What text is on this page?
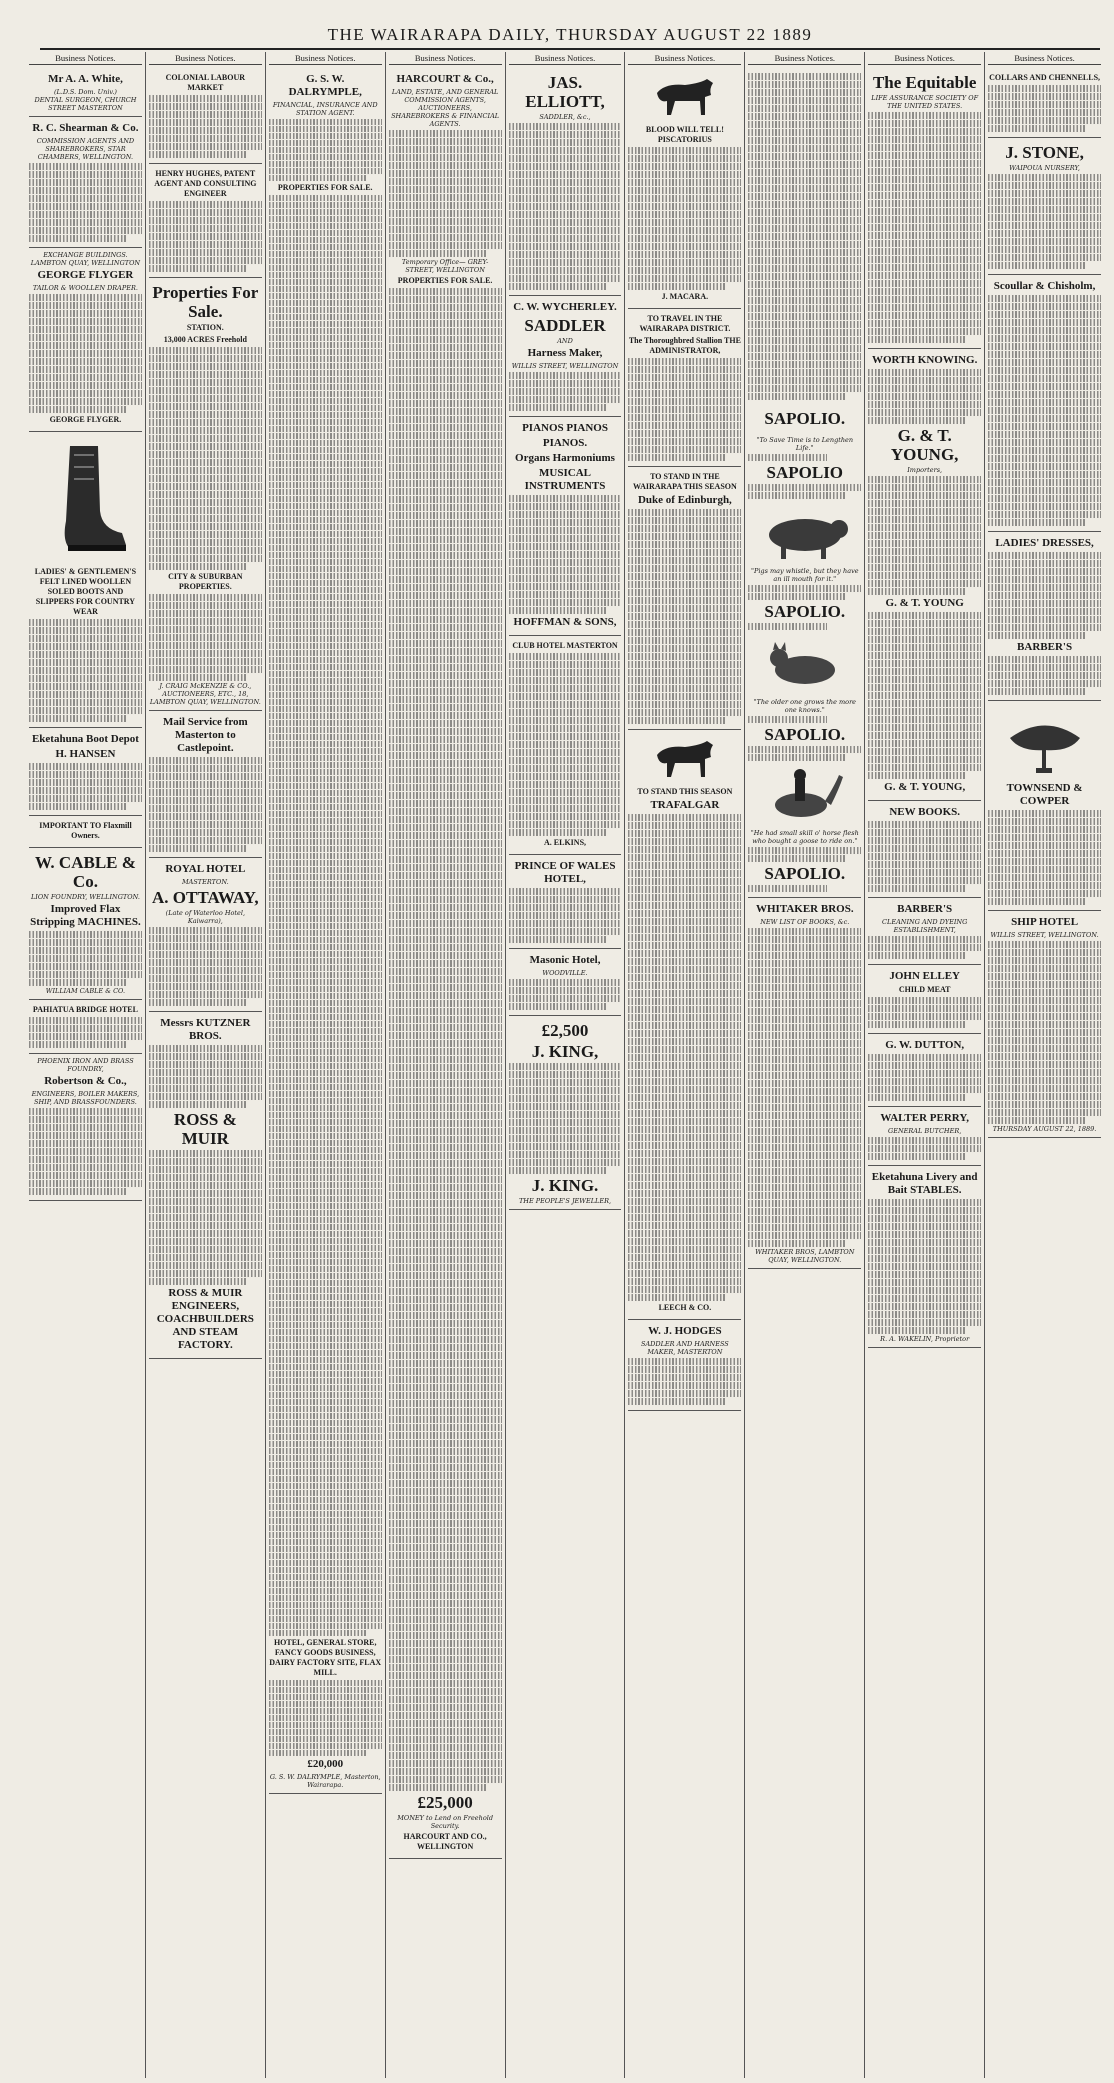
THE WAIRARAPA DAILY, THURSDAY AUGUST 22 1889
Business Notices.
Mr A. A. White,
(L.D.S. Dom. Univ.)
DENTAL SURGEON, CHURCH STREET MASTERTON
R. C. Shearman & Co.
COMMISSION AGENTS AND SHAREBROKERS, STAR CHAMBERS, WELLINGTON.
EXCHANGE BUILDINGS. LAMBTON QUAY, WELLINGTON
GEORGE FLYGER
TAILOR & WOOLLEN DRAPER.
GEORGE FLYGER.
LADIES' & GENTLEMEN'S FELT LINED WOOLLEN SOLED BOOTS AND SLIPPERS FOR COUNTRY WEAR
Eketahuna Boot Depot
H. HANSEN
IMPORTANT TO Flaxmill Owners.
W. CABLE & Co.
LION FOUNDRY, WELLINGTON.
Improved Flax Stripping MACHINES.
WILLIAM CABLE & CO.
PAHIATUA BRIDGE HOTEL
PHOENIX IRON AND BRASS FOUNDRY,
Robertson & Co.,
ENGINEERS, BOILER MAKERS, SHIP, AND BRASSFOUNDERS.
Business Notices.
COLONIAL LABOUR MARKET
HENRY HUGHES, PATENT AGENT AND CONSULTING ENGINEER
Properties For Sale.
STATION.
13,000 ACRES Freehold
CITY & SUBURBAN PROPERTIES.
J. CRAIG McKENZIE & CO., AUCTIONEERS, ETC., 18, LAMBTON QUAY, WELLINGTON.
Mail Service from Masterton to Castlepoint.
ROYAL HOTEL
MASTERTON.
A. OTTAWAY,
(Late of Waterloo Hotel, Kaiwarra),
Messrs KUTZNER BROS.
ROSS & MUIR
ROSS & MUIR ENGINEERS, COACHBUILDERS AND STEAM FACTORY.
Business Notices.
G. S. W. DALRYMPLE,
FINANCIAL, INSURANCE AND STATION AGENT.
PROPERTIES FOR SALE.
HOTEL, GENERAL STORE, FANCY GOODS BUSINESS, DAIRY FACTORY SITE, FLAX MILL.
£20,000
G. S. W. DALRYMPLE, Masterton, Wairarapa.
Business Notices.
HARCOURT & Co.,
LAND, ESTATE, AND GENERAL COMMISSION AGENTS, AUCTIONEERS, SHAREBROKERS & FINANCIAL AGENTS.
Temporary Office— GREY-STREET, WELLINGTON
PROPERTIES FOR SALE.
£25,000
MONEY to Lend on Freehold Security.
HARCOURT AND CO., WELLINGTON
Business Notices.
JAS. ELLIOTT,
SADDLER, &c.,
C. W. WYCHERLEY.
SADDLER
AND
Harness Maker,
WILLIS STREET, WELLINGTON
PIANOS PIANOS
PIANOS.
Organs Harmoniums
MUSICAL INSTRUMENTS
HOFFMAN & SONS,
CLUB HOTEL MASTERTON
A. ELKINS,
PRINCE OF WALES HOTEL,
Masonic Hotel,
WOODVILLE.
£2,500
J. KING,
J. KING.
THE PEOPLE'S JEWELLER,
Business Notices.
BLOOD WILL TELL! PISCATORIUS
J. MACARA.
TO TRAVEL IN THE WAIRARAPA DISTRICT.
The Thoroughbred Stallion THE ADMINISTRATOR,
TO STAND IN THE WAIRARAPA THIS SEASON
Duke of Edinburgh,
TO STAND THIS SEASON
TRAFALGAR
LEECH & CO.
W. J. HODGES
SADDLER AND HARNESS MAKER, MASTERTON
Business Notices.
SAPOLIO.
"To Save Time is to Lengthen Life."
SAPOLIO
"Pigs may whistle, but they have an ill mouth for it."
SAPOLIO.
"The older one grows the more one knows."
SAPOLIO.
"He had small skill o' horse flesh who bought a goose to ride on."
SAPOLIO.
WHITAKER BROS.
NEW LIST OF BOOKS, &c.
WHITAKER BROS, LAMBTON QUAY, WELLINGTON.
Business Notices.
The Equitable
LIFE ASSURANCE SOCIETY OF THE UNITED STATES.
WORTH KNOWING.
G. & T. YOUNG,
Importers,
G. & T. YOUNG
G. & T. YOUNG,
NEW BOOKS.
BARBER'S
CLEANING AND DYEING ESTABLISHMENT,
JOHN ELLEY
CHILD MEAT
G. W. DUTTON,
WALTER PERRY,
GENERAL BUTCHER,
Eketahuna Livery and Bait STABLES.
R. A. WAKELIN, Proprietor
Business Notices.
COLLARS AND CHENNELLS,
J. STONE,
WAIPOUA NURSERY,
Scoullar & Chisholm,
LADIES' DRESSES,
BARBER'S
TOWNSEND & COWPER
SHIP HOTEL
WILLIS STREET, WELLINGTON.
THURSDAY AUGUST 22, 1889.
